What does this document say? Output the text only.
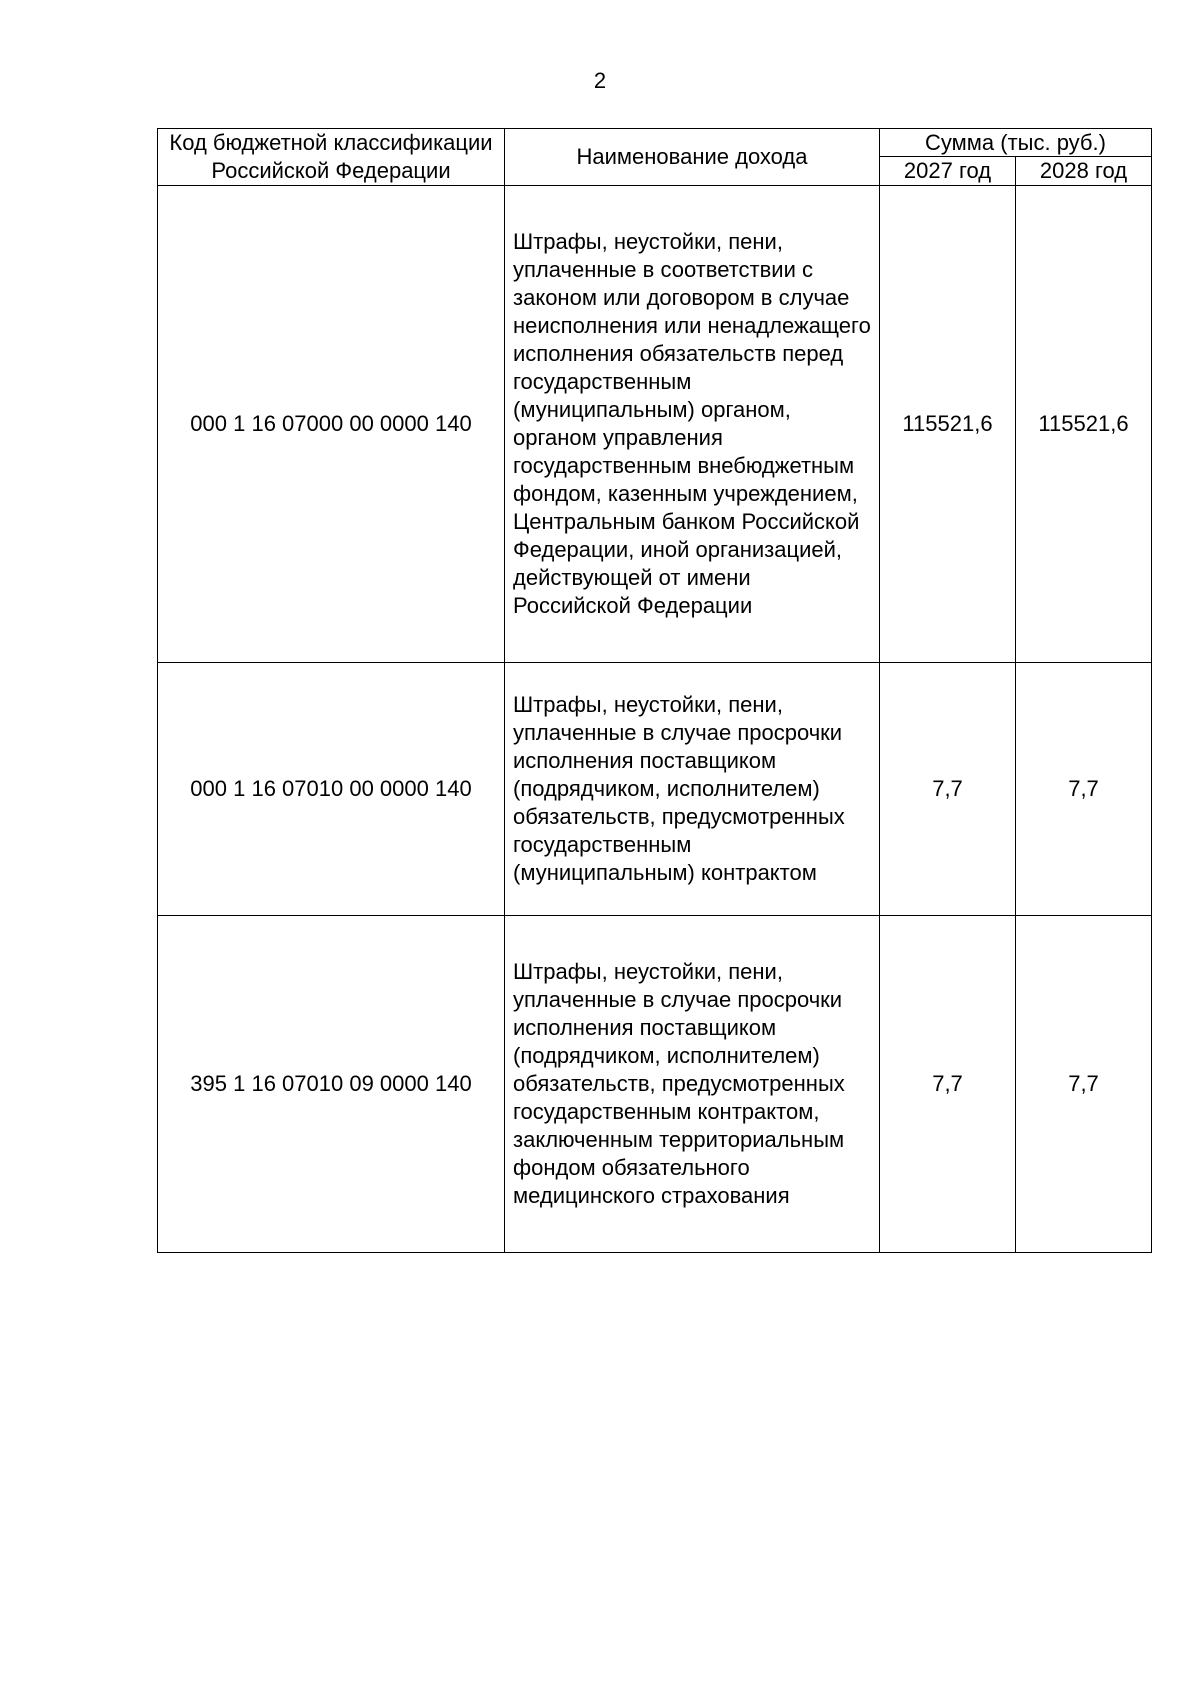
2
Код бюджетной классификации Российской Федерации	Наименование дохода	Сумма (тыс. руб.)	
		2027 год	2028 год
000 1 16 07000 00 0000 140	Штрафы, неустойки, пени, уплаченные в соответствии с законом или договором в случае неисполнения или ненадлежащего исполнения обязательств перед государственным (муниципальным) органом, органом управления государственным внебюджетным фондом, казенным учреждением, Центральным банком Российской Федерации, иной организацией, действующей от имени Российской Федерации	115521,6	115521,6
000 1 16 07010 00 0000 140	Штрафы, неустойки, пени, уплаченные в случае просрочки исполнения поставщиком (подрядчиком, исполнителем) обязательств, предусмотренных государственным (муниципальным) контрактом	7,7	7,7
395 1 16 07010 09 0000 140	Штрафы, неустойки, пени, уплаченные в случае просрочки исполнения поставщиком (подрядчиком, исполнителем) обязательств, предусмотренных государственным контрактом, заключенным территориальным фондом обязательного медицинского страхования	7,7	7,7
